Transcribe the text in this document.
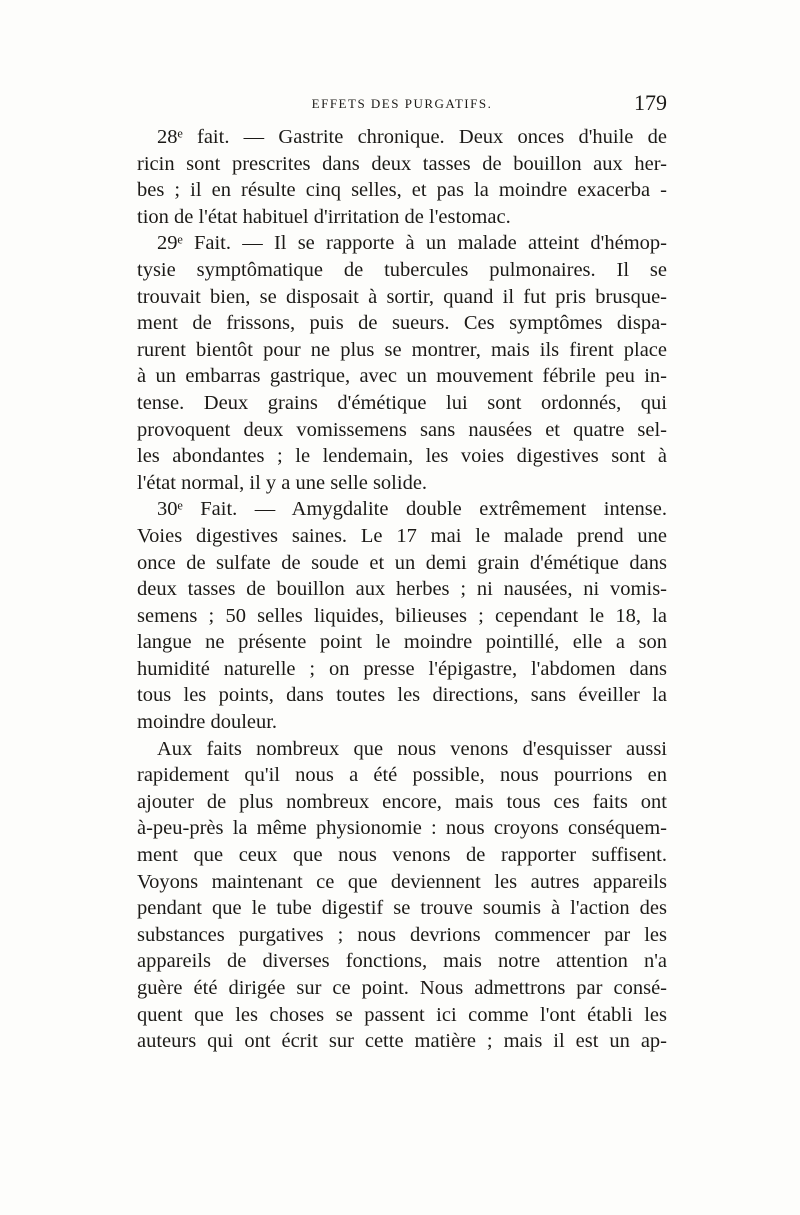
EFFETS DES PURGATIFS.	179

28ᵉ fait. — Gastrite chronique. Deux onces d'huile de
ricin sont prescrites dans deux tasses de bouillon aux her-
bes ; il en résulte cinq selles, et pas la moindre exacerba -
tion de l'état habituel d'irritation de l'estomac.

29ᵉ Fait. — Il se rapporte à un malade atteint d'hémop-
tysie symptômatique de tubercules pulmonaires. Il se
trouvait bien, se disposait à sortir, quand il fut pris brusque-
ment de frissons, puis de sueurs. Ces symptômes dispa-
rurent bientôt pour ne plus se montrer, mais ils firent place
à un embarras gastrique, avec un mouvement fébrile peu in-
tense. Deux grains d'émétique lui sont ordonnés, qui
provoquent deux vomissemens sans nausées et quatre sel-
les abondantes ; le lendemain, les voies digestives sont à
l'état normal, il y a une selle solide.

30ᵉ Fait. — Amygdalite double extrêmement intense.
Voies digestives saines. Le 17 mai le malade prend une
once de sulfate de soude et un demi grain d'émétique dans
deux tasses de bouillon aux herbes ; ni nausées, ni vomis-
semens ; 50 selles liquides, bilieuses ; cependant le 18, la
langue ne présente point le moindre pointillé, elle a son
humidité naturelle ; on presse l'épigastre, l'abdomen dans
tous les points, dans toutes les directions, sans éveiller la
moindre douleur.

Aux faits nombreux que nous venons d'esquisser aussi
rapidement qu'il nous a été possible, nous pourrions en
ajouter de plus nombreux encore, mais tous ces faits ont
à-peu-près la même physionomie : nous croyons conséquem-
ment que ceux que nous venons de rapporter suffisent.
Voyons maintenant ce que deviennent les autres appareils
pendant que le tube digestif se trouve soumis à l'action des
substances purgatives ; nous devrions commencer par les
appareils de diverses fonctions, mais notre attention n'a
guère été dirigée sur ce point. Nous admettrons par consé-
quent que les choses se passent ici comme l'ont établi les
auteurs qui ont écrit sur cette matière ; mais il est un ap-
